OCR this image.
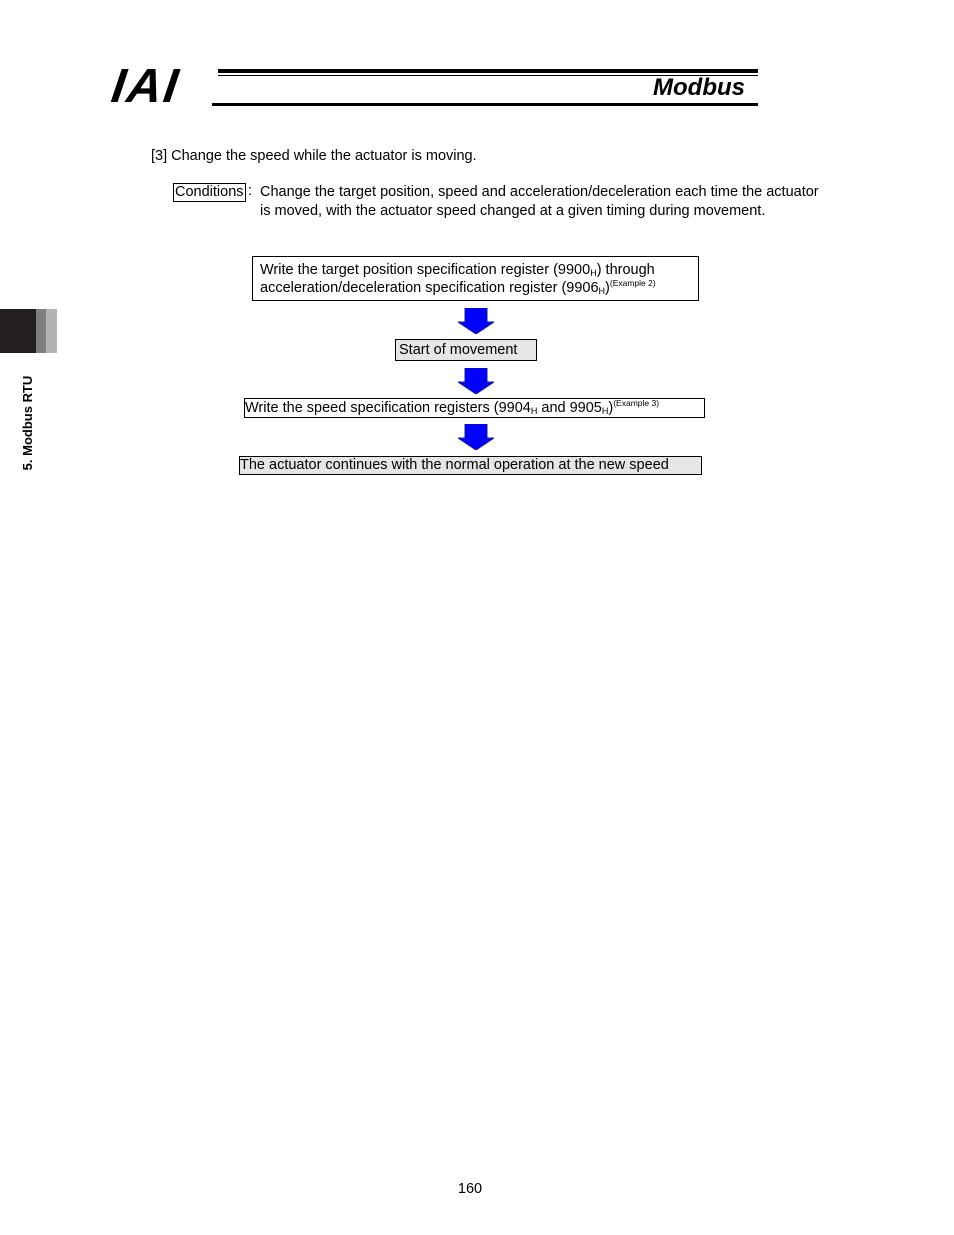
IAI	Modbus
5. Modbus RTU
[3] Change the speed while the actuator is moving.
Conditions : Change the target position, speed and acceleration/deceleration each time the actuator is moved, with the actuator speed changed at a given timing during movement.
Write the target position specification register $(9900_H)$ through
acceleration/deceleration specification register $(9906_H)^{(Example 2)}$
Start of movement
Write the speed specification registers ($9904_H$ and $9905_H)^{(Example 3)}$
The actuator continues with the normal operation at the new speed
160
